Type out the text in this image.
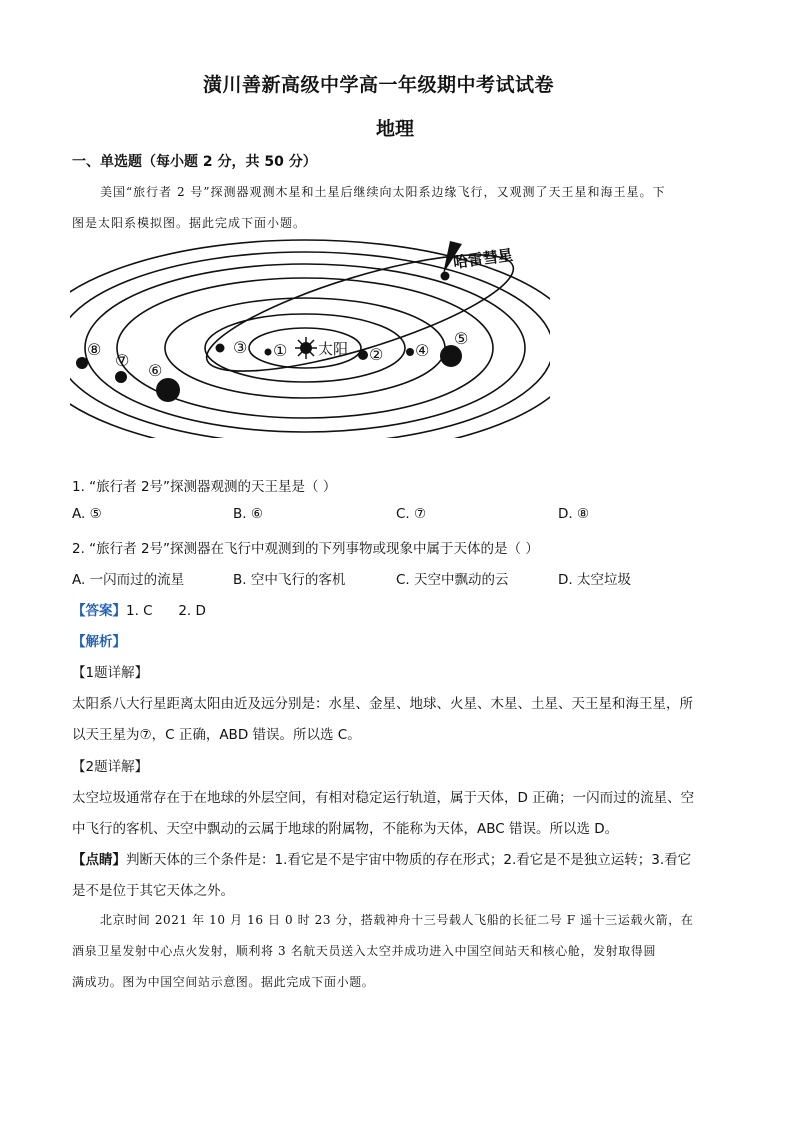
潢川善新高级中学高一年级期中考试试卷
地理
一、单选题（每小题 2 分，共 50 分）
美国“旅行者 2 号”探测器观测木星和土星后继续向太阳系边缘飞行，又观测了天王星和海王星。下
图是太阳系模拟图。据此完成下面小题。
太阳
①	②
③	④
⑤
⑥
⑦
⑧
哈雷彗星
1. “旅行者 2号”探测器观测的天王星是（ ）
A. ⑤	B. ⑥	C. ⑦	D. ⑧
2. “旅行者 2号”探测器在飞行中观测到的下列事物或现象中属于天体的是（ ）
A. 一闪而过的流星	B. 空中飞行的客机	C. 天空中飘动的云	D. 太空垃圾
【答案】1. C      2. D
【解析】
【1题详解】
太阳系八大行星距离太阳由近及远分别是：水星、金星、地球、火星、木星、土星、天王星和海王星，所
以天王星为⑦，C 正确，ABD 错误。所以选 C。
【2题详解】
太空垃圾通常存在于在地球的外层空间，有相对稳定运行轨道，属于天体，D 正确；一闪而过的流星、空
中飞行的客机、天空中飘动的云属于地球的附属物，不能称为天体，ABC 错误。所以选 D。
【点睛】判断天体的三个条件是：1.看它是不是宇宙中物质的存在形式；2.看它是不是独立运转；3.看它
是不是位于其它天体之外。
北京时间 2021 年 10 月 16 日 0 时 23 分，搭载神舟十三号载人飞船的长征二号 F 遥十三运载火箭，在
酒泉卫星发射中心点火发射，顺利将 3 名航天员送入太空并成功进入中国空间站天和核心舱，发射取得圆
满成功。图为中国空间站示意图。据此完成下面小题。
